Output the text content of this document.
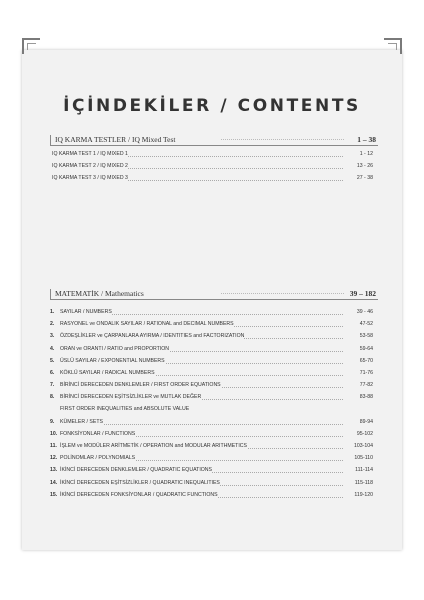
İÇİNDEKİLER / CONTENTS
IQ KARMA TESTLER / IQ Mixed Test	1 – 38
IQ KARMA TEST 1 / IQ MIXED 1	1 - 12
IQ KARMA TEST 2 / IQ MIXED 2	13 - 26
IQ KARMA TEST 3 / IQ MIXED 3	27 - 38
MATEMATİK / Mathematics	39 – 182
1. SAYILAR / NUMBERS	39 - 46
2. RASYONEL ve ONDALIK SAYILAR / RATIONAL and DECIMAL NUMBERS	47-52
3. ÖZDEŞLİKLER ve ÇARPANLARA AYIRMA / IDENTITIES and FACTORIZATION	53-58
4. ORAN ve ORANTI / RATIO and PROPORTION	59-64
5. ÜSLÜ SAYILAR / EXPONENTIAL NUMBERS	65-70
6. KÖKLÜ SAYILAR / RADICAL NUMBERS	71-76
7. BİRİNCİ DERECEDEN DENKLEMLER / FIRST ORDER EQUATIONS	77-82
8. BİRİNCİ DERECEDEN EŞİTSİZLİKLER ve MUTLAK DEĞER	83-88
FIRST ORDER INEQUALITIES and ABSOLUTE VALUE
9. KÜMELER / SETS	89-94
10. FONKSİYONLAR / FUNCTIONS	95-102
11. İŞLEM ve MODÜLER ARİTMETİK / OPERATION and MODULAR ARITHMETICS	103-104
12. POLİNOMLAR / POLYNOMIALS	105-110
13. İKİNCİ DERECEDEN DENKLEMLER / QUADRATIC EQUATIONS	111-114
14. İKİNCİ DERECEDEN EŞİTSİZLİKLER / QUADRATIC INEQUALITIES	115-118
15. İKİNCİ DERECEDEN FONKSİYONLAR / QUADRATIC FUNCTIONS	119-120
